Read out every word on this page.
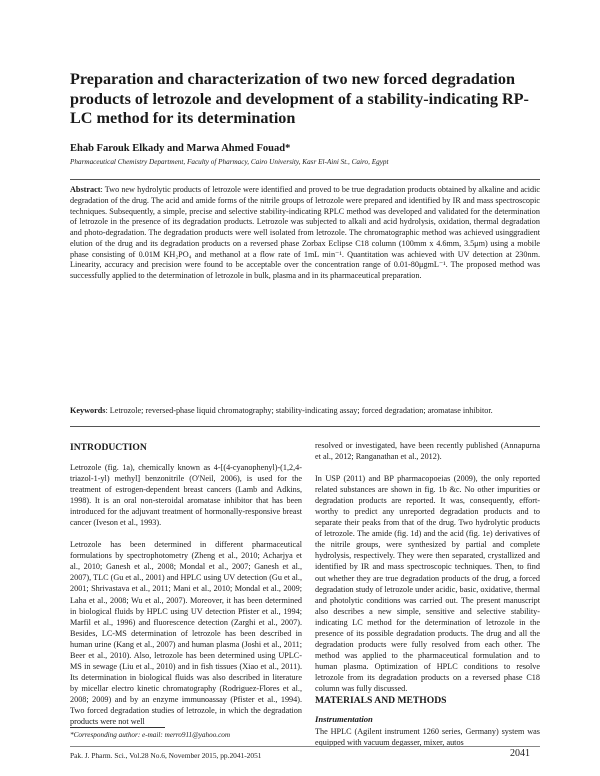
Preparation and characterization of two new forced degradation products of letrozole and development of a stability-indicating RP-LC method for its determination
Ehab Farouk Elkady and Marwa Ahmed Fouad*
Pharmaceutical Chemistry Department, Faculty of Pharmacy, Cairo University, Kasr El-Aini St., Cairo, Egypt
Abstract: Two new hydrolytic products of letrozole were identified and proved to be true degradation products obtained by alkaline and acidic degradation of the drug. The acid and amide forms of the nitrile groups of letrozole were prepared and identified by IR and mass spectroscopic techniques. Subsequently, a simple, precise and selective stability-indicating RPLC method was developed and validated for the determination of letrozole in the presence of its degradation products. Letrozole was subjected to alkali and acid hydrolysis, oxidation, thermal degradation and photo-degradation. The degradation products were well isolated from letrozole. The chromatographic method was achieved usinggradient elution of the drug and its degradation products on a reversed phase Zorbax Eclipse C18 column (100mm x 4.6mm, 3.5μm) using a mobile phase consisting of 0.01M KH₂PO₄ and methanol at a flow rate of 1mL min⁻¹. Quantitation was achieved with UV detection at 230nm. Linearity, accuracy and precision were found to be acceptable over the concentration range of 0.01-80μgmL⁻¹. The proposed method was successfully applied to the determination of letrozole in bulk, plasma and in its pharmaceutical preparation.
Keywords: Letrozole; reversed-phase liquid chromatography; stability-indicating assay; forced degradation; aromatase inhibitor.
INTRODUCTION

Letrozole (fig. 1a), chemically known as 4-[(4-cyanophenyl)-(1,2,4-triazol-1-yl) methyl] benzonitrile (O'Neil, 2006), is used for the treatment of estrogen-dependent breast cancers (Lamb and Adkins, 1998). It is an oral non-steroidal aromatase inhibitor that has been introduced for the adjuvant treatment of hormonally-responsive breast cancer (Iveson et al., 1993).

Letrozole has been determined in different pharmaceutical formulations by spectrophotometry (Zheng et al., 2010; Acharjya et al., 2010; Ganesh et al., 2008; Mondal et al., 2007; Ganesh et al., 2007), TLC (Gu et al., 2001) and HPLC using UV detection (Gu et al., 2001; Shrivastava et al., 2011; Mani et al., 2010; Mondal et al., 2009; Laha et al., 2008; Wu et al., 2007). Moreover, it has been determined in biological fluids by HPLC using UV detection Pfister et al., 1994; Marfil et al., 1996) and fluorescence detection (Zarghi et al., 2007). Besides, LC-MS determination of letrozole has been described in human urine (Kang et al., 2007) and human plasma (Joshi et al., 2011; Beer et al., 2010). Also, letrozole has been determined using UPLC-MS in sewage (Liu et al., 2010) and in fish tissues (Xiao et al., 2011). Its determination in biological fluids was also described in literature by micellar electro kinetic chromatography (Rodriguez-Flores et al., 2008; 2009) and by an enzyme immunoassay (Pfister et al., 1994). Two forced degradation studies of letrozole, in which the degradation products were not well

resolved or investigated, have been recently published (Annapurna et al., 2012; Ranganathan et al., 2012).

In USP (2011) and BP pharmacopoeias (2009), the only reported related substances are shown in fig. 1b &c. No other impurities or degradation products are reported. It was, consequently, effort-worthy to predict any unreported degradation products and to separate their peaks from that of the drug. Two hydrolytic products of letrozole. The amide (fig. 1d) and the acid (fig. 1e) derivatives of the nitrile groups, were synthesized by partial and complete hydrolysis, respectively. They were then separated, crystallized and identified by IR and mass spectroscopic techniques. Then, to find out whether they are true degradation products of the drug, a forced degradation study of letrozole under acidic, basic, oxidative, thermal and photolytic conditions was carried out. The present manuscript also describes a new simple, sensitive and selective stability-indicating LC method for the determination of letrozole in the presence of its possible degradation products. The drug and all the degradation products were fully resolved from each other. The method was applied to the pharmaceutical formulation and to human plasma. Optimization of HPLC conditions to resolve letrozole from its degradation products on a reversed phase C18 column was fully discussed.

MATERIALS AND METHODS
Instrumentation
The HPLC (Agilent instrument 1260 series, Germany) system was equipped with vacuum degasser, mixer, autos
*Corresponding author: e-mail: merro911@yahoo.com
Pak. J. Pharm. Sci., Vol.28 No.6, November 2015, pp.2041-2051	2041
